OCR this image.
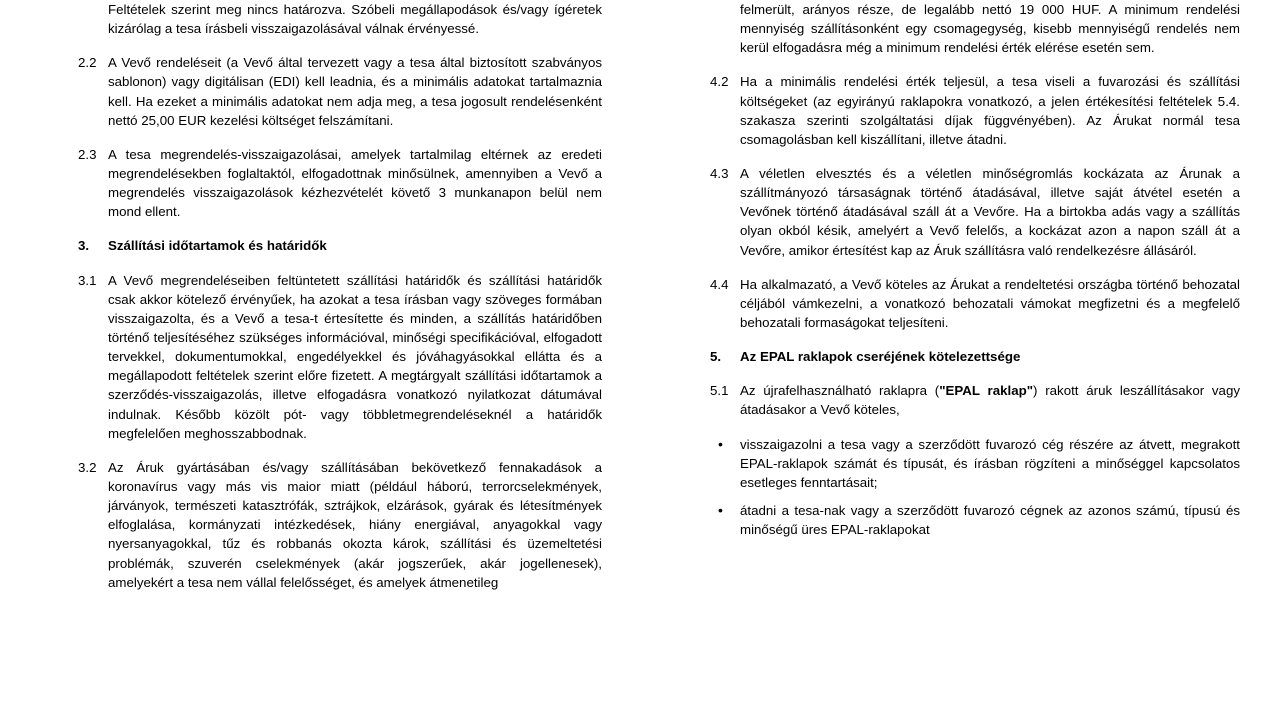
Feltételek szerint meg nincs határozva. Szóbeli megállapodások és/vagy ígéretek kizárólag a tesa írásbeli visszaigazolásával válnak érvényessé.
2.2 A Vevő rendeléseit (a Vevő által tervezett vagy a tesa által biztosított szabványos sablonon) vagy digitálisan (EDI) kell leadnia, és a minimális adatokat tartalmaznia kell. Ha ezeket a minimális adatokat nem adja meg, a tesa jogosult rendelésenként nettó 25,00 EUR kezelési költséget felszámítani.
2.3 A tesa megrendelés-visszaigazolásai, amelyek tartalmilag eltérnek az eredeti megrendelésekben foglaltaktól, elfogadottnak minősülnek, amennyiben a Vevő a megrendelés visszaigazolások kézhezvételét követő 3 munkanapon belül nem mond ellent.
3.	Szállítási időtartamok és határidők
3.1 A Vevő megrendeléseiben feltüntetett szállítási határidők és szállítási határidők csak akkor kötelező érvényűek, ha azokat a tesa írásban vagy szöveges formában visszaigazolta, és a Vevő a tesa-t értesítette és minden, a szállítás határidőben történő teljesítéséhez szükséges információval, minőségi specifikációval, elfogadott tervekkel, dokumentumokkal, engedélyekkel és jóváhagyásokkal ellátta és a megállapodott feltételek szerint előre fizetett. A megtárgyalt szállítási időtartamok a szerződés-visszaigazolás, illetve elfogadásra vonatkozó nyilatkozat dátumával indulnak. Később közölt pót- vagy többletmegrendeléseknél a határidők megfelelően meghosszabbodnak.
3.2 Az Áruk gyártásában és/vagy szállításában bekövetkező fennakadások a koronavírus vagy más vis maior miatt (például háború, terrorcselekmények, járványok, természeti katasztrófák, sztrájkok, elzárások, gyárak és létesítmények elfoglalása, kormányzati intézkedések, hiány energiával, anyagokkal vagy nyersanyagokkal, tűz és robbanás okozta károk, szállítási és üzemeltetési problémák, szuverén cselekmények (akár jogszerűek, akár jogellenesek), amelyekért a tesa nem vállal felelősséget, és amelyek átmenetileg
felmerült, arányos része, de legalább nettó 19 000 HUF. A minimum rendelési mennyiség szállításonként egy csomagegység, kisebb mennyiségű rendelés nem kerül elfogadásra még a minimum rendelési érték elérése esetén sem.
4.2 Ha a minimális rendelési érték teljesül, a tesa viseli a fuvarozási és szállítási költségeket (az egyirányú raklapokra vonatkozó, a jelen értékesítési feltételek 5.4. szakasza szerinti szolgáltatási díjak függvényében). Az Árukat normál tesa csomagolásban kell kiszállítani, illetve átadni.
4.3 A véletlen elvesztés és a véletlen minőségromlás kockázata az Árunak a szállítmányozó társaságnak történő átadásával, illetve saját átvétel esetén a Vevőnek történő átadásával száll át a Vevőre. Ha a birtokba adás vagy a szállítás olyan okból késik, amelyért a Vevő felelős, a kockázat azon a napon száll át a Vevőre, amikor értesítést kap az Áruk szállításra való rendelkezésre állásáról.
4.4 Ha alkalmazató, a Vevő köteles az Árukat a rendeltetési országba történő behozatal céljából vámkezelni, a vonatkozó behozatali vámokat megfizetni és a megfelelő behozatali formaságokat teljesíteni.
5.	Az EPAL raklapok cseréjének kötelezettsége
5.1 Az újrafelhasználható raklapra ("EPAL raklap") rakott áruk leszállításakor vagy átadásakor a Vevő köteles,
•	visszaigazolni a tesa vagy a szerződött fuvarozó cég részére az átvett, megrakott EPAL-raklapok számát és típusát, és írásban rögzíteni a minőséggel kapcsolatos esetleges fenntartásait;
•	átadni a tesa-nak vagy a szerződött fuvarozó cégnek az azonos számú, típusú és minőségű üres EPAL-raklapokat
